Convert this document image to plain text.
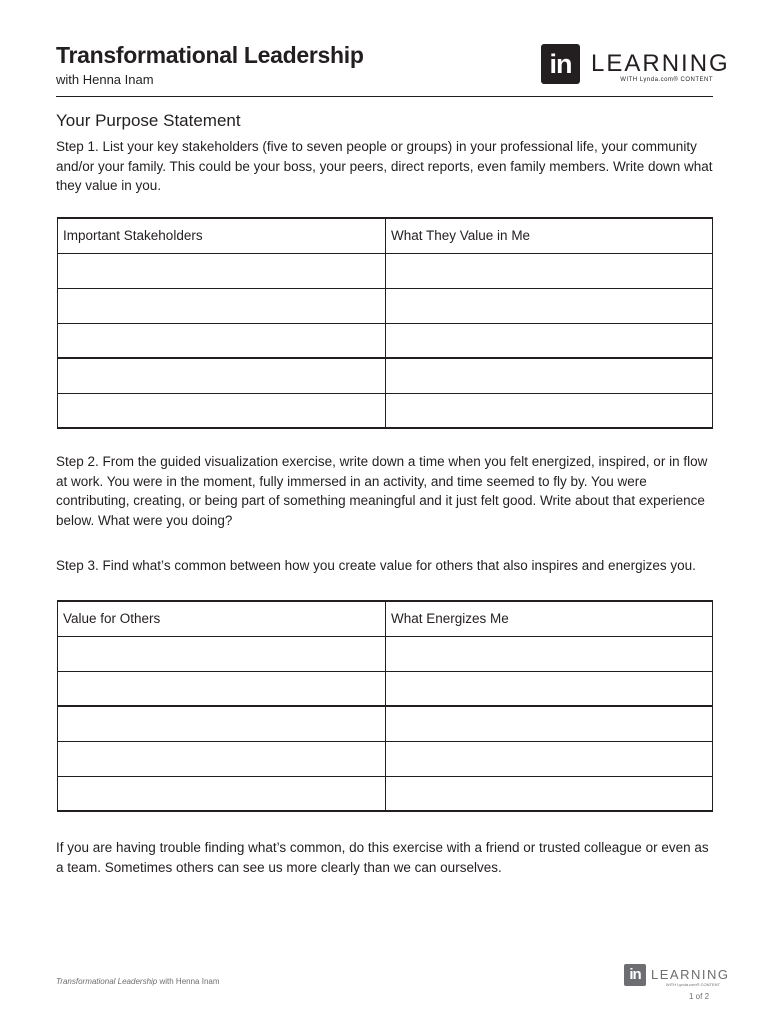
Transformational Leadership
with Henna Inam
in LEARNING
WITH Lynda.com® CONTENT
Your Purpose Statement
Step 1. List your key stakeholders (five to seven people or groups) in your professional life, your community and/or your family. This could be your boss, your peers, direct reports, even family members. Write down what they value in you.
Important Stakeholders	What They Value in Me

Step 2. From the guided visualization exercise, write down a time when you felt energized, inspired, or in flow at work. You were in the moment, fully immersed in an activity, and time seemed to fly by. You were contributing, creating, or being part of something meaningful and it just felt good. Write about that experience below. What were you doing?
Step 3. Find what’s common between how you create value for others that also inspires and energizes you.
Value for Others	What Energizes Me

If you are having trouble finding what’s common, do this exercise with a friend or trusted colleague or even as a team. Sometimes others can see us more clearly than we can ourselves.
Transformational Leadership with Henna Inam	in LEARNING
WITH Lynda.com® CONTENT
1 of 2
